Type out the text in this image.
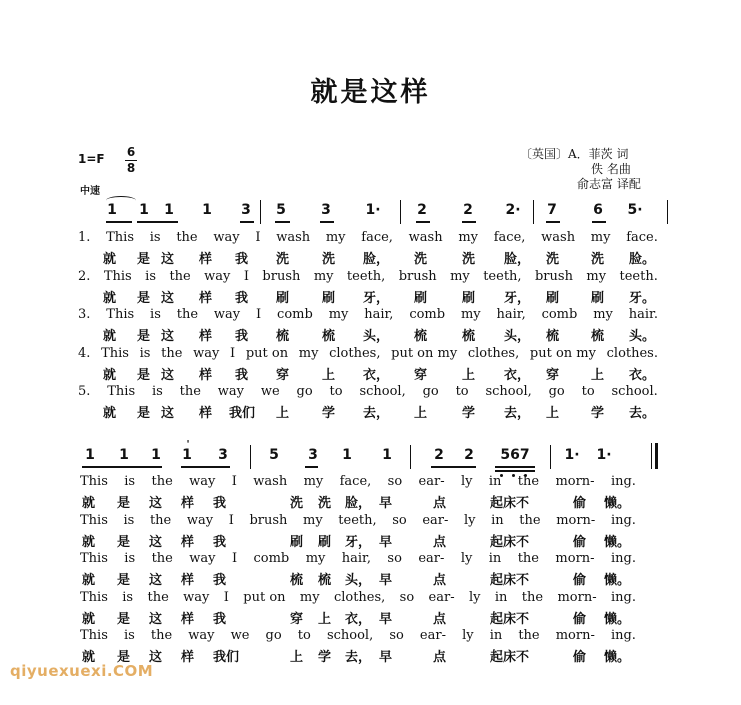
就是这样
1=F 6
8
中速
〔英国〕A．菲茨 词
佚 名曲
俞志富 译配
1 1 1 1 3 5	3 1·	2	2 2· 7	6 5·
1. This is the way I wash my face, wash my face, wash my face.
就 是 这 样 我 洗	洗 脸， 洗	洗 脸， 洗 洗 脸。
2. This is the way I brush my teeth, brush my teeth, brush my teeth.
就 是 这 样 我 刷	刷 牙， 刷	刷 牙， 刷 刷 牙。
3. This is the way I comb my hair, comb my hair, comb my hair.
就 是 这 样 我 梳	梳 头， 梳	梳 头， 梳 梳 头。
4. This is the way I put on my clothes, put on my clothes, put on my clothes.
就 是 这 样 我 穿	上 衣， 穿	上 衣， 穿 上 衣。
5. This is the way we go to school, go to school, go to school.
就 是 这 样 我们 上	学 去， 上	学 去， 上 学 去。
1 1 1 1 3	5 3 1 1	2 2	567	1· 1·
'
This is the way I wash my face, so ear- ly in the morn- ing.
就 是 这 样 我	洗 洗 脸， 早	点	起床不	偷 懒。
This is the way I brush my teeth, so ear- ly in the morn- ing.
就 是 这 样 我	刷 刷 牙， 早	点	起床不	偷 懒。
This is the way I comb my hair, so ear- ly in the morn- ing.
就 是 这 样 我	梳 梳 头， 早	点	起床不	偷 懒。
This is the way I put on my clothes, so ear- ly in the morn- ing.
就 是 这 样 我	穿 上 衣， 早	点	起床不	偷 懒。
This is the way we go to school, so ear- ly in the morn- ing.
就 是 这 样 我们	上 学 去， 早	点	起床不	偷 懒。
qiyuexuexi.COM
